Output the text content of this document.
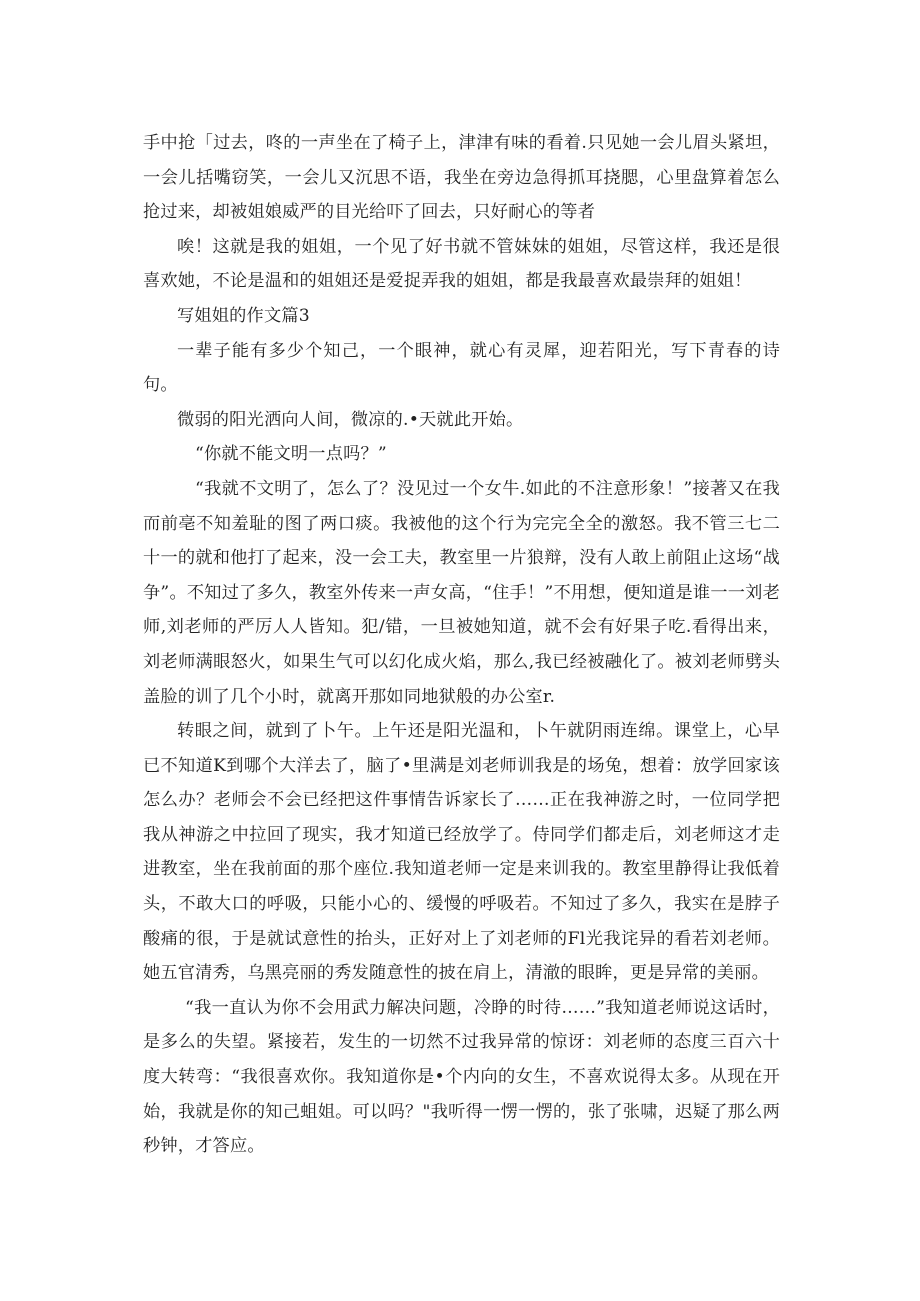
手中抢「过去，咚的一声坐在了椅子上，津津有味的看着.只见她一会儿眉头紧坦，一会儿括嘴窃笑，一会儿又沉思不语，我坐在旁边急得抓耳挠腮，心里盘算着怎么抢过来，却被姐娘威严的目光给吓了回去，只好耐心的等者

唉！这就是我的姐姐，一个见了好书就不管妹妹的姐姐，尽管这样，我还是很喜欢她，不论是温和的姐姐还是爱捉弄我的姐姐，都是我最喜欢最崇拜的姐姐！

写姐姐的作文篇3

一辈子能有多少个知己，一个眼神，就心有灵犀，迎若阳光，写下青春的诗句。

微弱的阳光洒向人间，微凉的.•天就此开始。

“你就不能文明一点吗？”

“我就不文明了，怎么了？没见过一个女牛.如此的不注意形象！”接著又在我而前亳不知羞耻的图了两口痰。我被他的这个行为完完全全的激怒。我不管三七二十一的就和他打了起来，没一会工夫，教室里一片狼辩，没有人敢上前阻止这场“战争”。不知过了多久，教室外传来一声女高，“住手！”不用想，便知道是谁一一刘老师,刘老师的严厉人人皆知。犯/错，一旦被她知道，就不会有好果子吃.看得出来，刘老师满眼怒火，如果生气可以幻化成火焰，那么,我已经被融化了。被刘老师劈头盖脸的训了几个小时，就离开那如同地狱般的办公室r.

转眼之间，就到了卜午。上午还是阳光温和，卜午就阴雨连绵。课堂上，心早已不知道K到哪个大洋去了，脑了•里满是刘老师训我是的场兔，想着：放学回家该怎么办？老师会不会已经把这件事情告诉家长了……正在我神游之时，一位同学把我从神游之中拉回了现实，我才知道已经放学了。侍同学们都走后，刘老师这才走进教室，坐在我前面的那个座位.我知道老师一定是来训我的。教室里静得让我低着头，不敢大口的呼吸，只能小心的、缓慢的呼吸若。不知过了多久，我实在是脖子酸痛的很，于是就试意性的抬头，正好对上了刘老师的Fl光我诧异的看若刘老师。她五官清秀，乌黑亮丽的秀发随意性的披在肩上，清澈的眼眸，更是异常的美丽。

“我一直认为你不会用武力解决问题，冷睁的时待……”我知道老师说这话时，是多么的失望。紧接若，发生的一切然不过我异常的惊讶：刘老师的态度三百六十度大转弯：“我很喜欢你。我知道你是•个内向的女生，不喜欢说得太多。从现在开始，我就是你的知己蛆姐。可以吗？"我听得一愣一愣的，张了张啸，迟疑了那么两秒钟，才答应。
